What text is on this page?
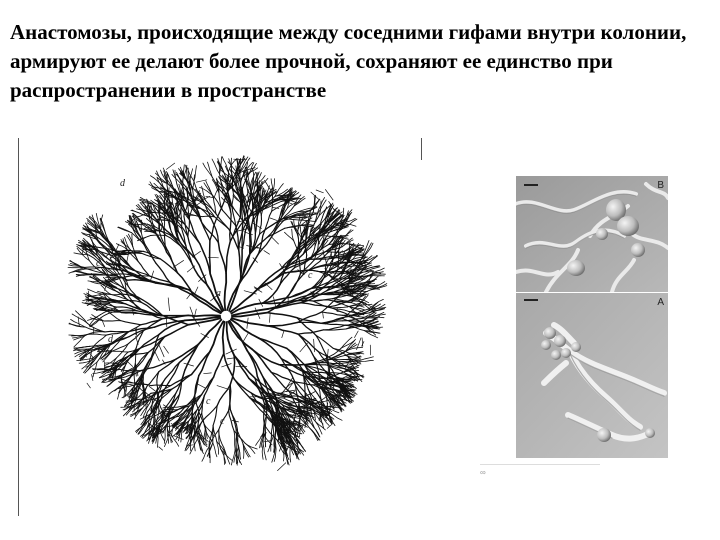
Анастомозы, происходящие между соседними гифами внутри колонии, армируют ее делают более прочной, сохраняют ее единство при распространении в пространстве

d
b
d
c
c	b
a
c
d
c
c
d
B
A
∞
